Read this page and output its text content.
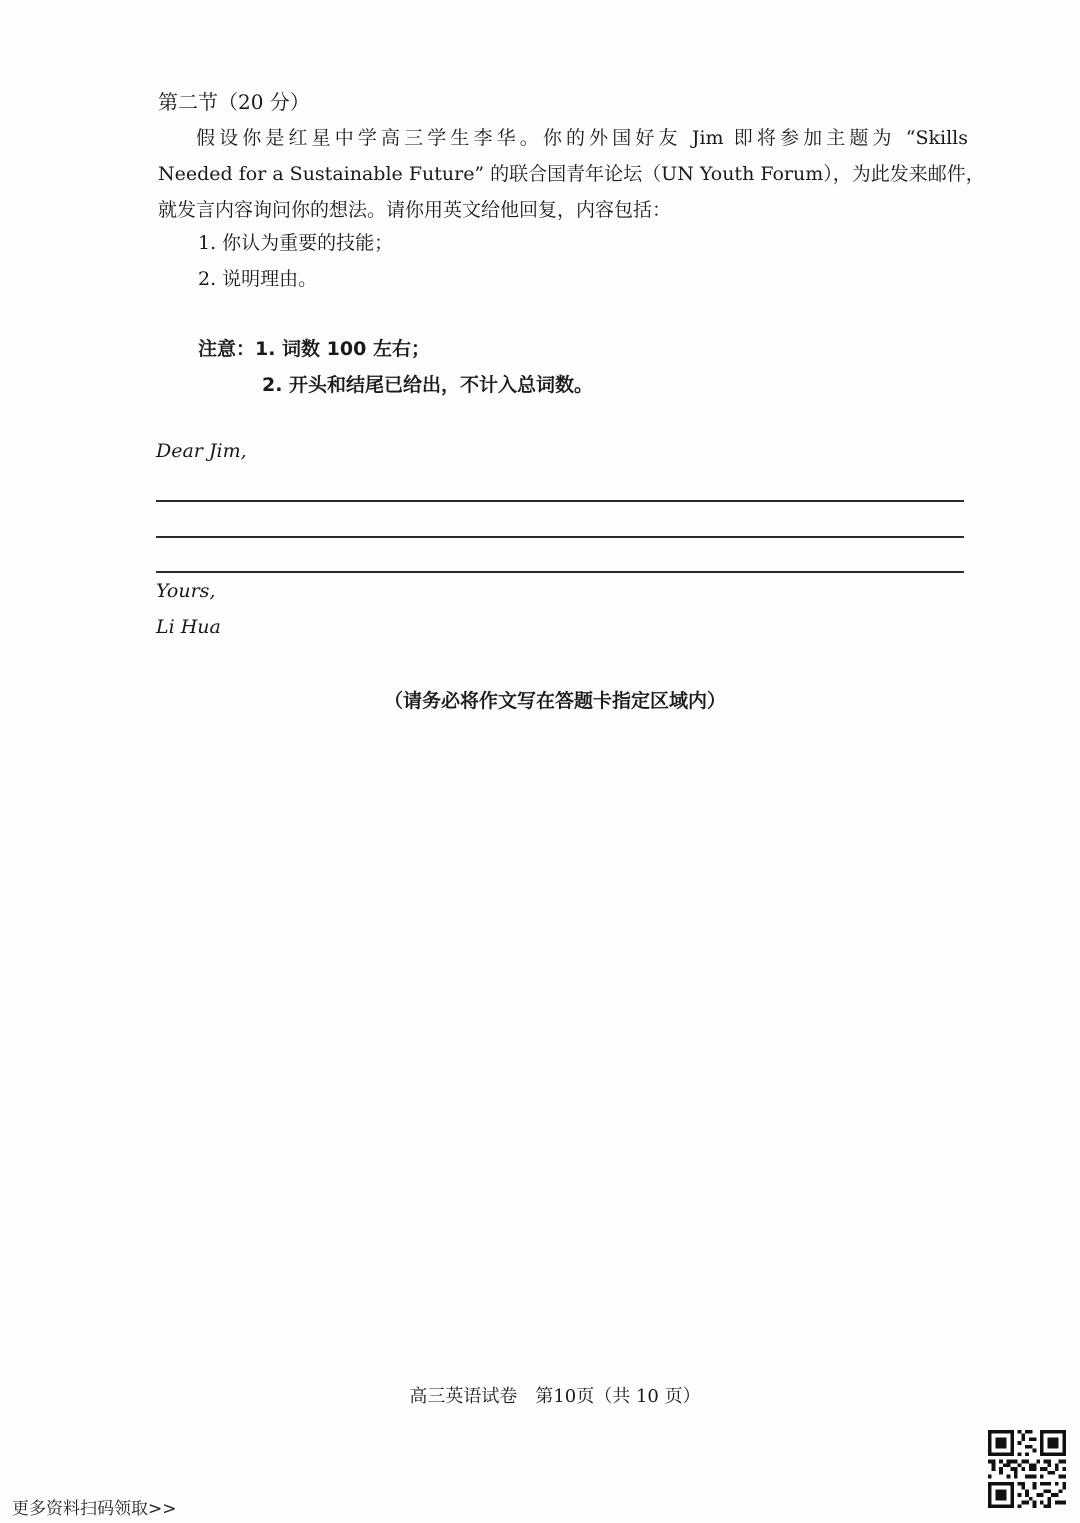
第二节（20 分）
假设你是红星中学高三学生李华。你的外国好友 Jim 即将参加主题为 “Skills
Needed for a Sustainable Future” 的联合国青年论坛（UN Youth Forum），为此发来邮件，
就发言内容询问你的想法。请你用英文给他回复，内容包括：
1. 你认为重要的技能；
2. 说明理由。
注意：1. 词数 100 左右；
2. 开头和结尾已给出，不计入总词数。
Dear Jim,
Yours,
Li Hua
（请务必将作文写在答题卡指定区域内）
高三英语试卷　第10页（共 10 页）
更多资料扫码领取>>
